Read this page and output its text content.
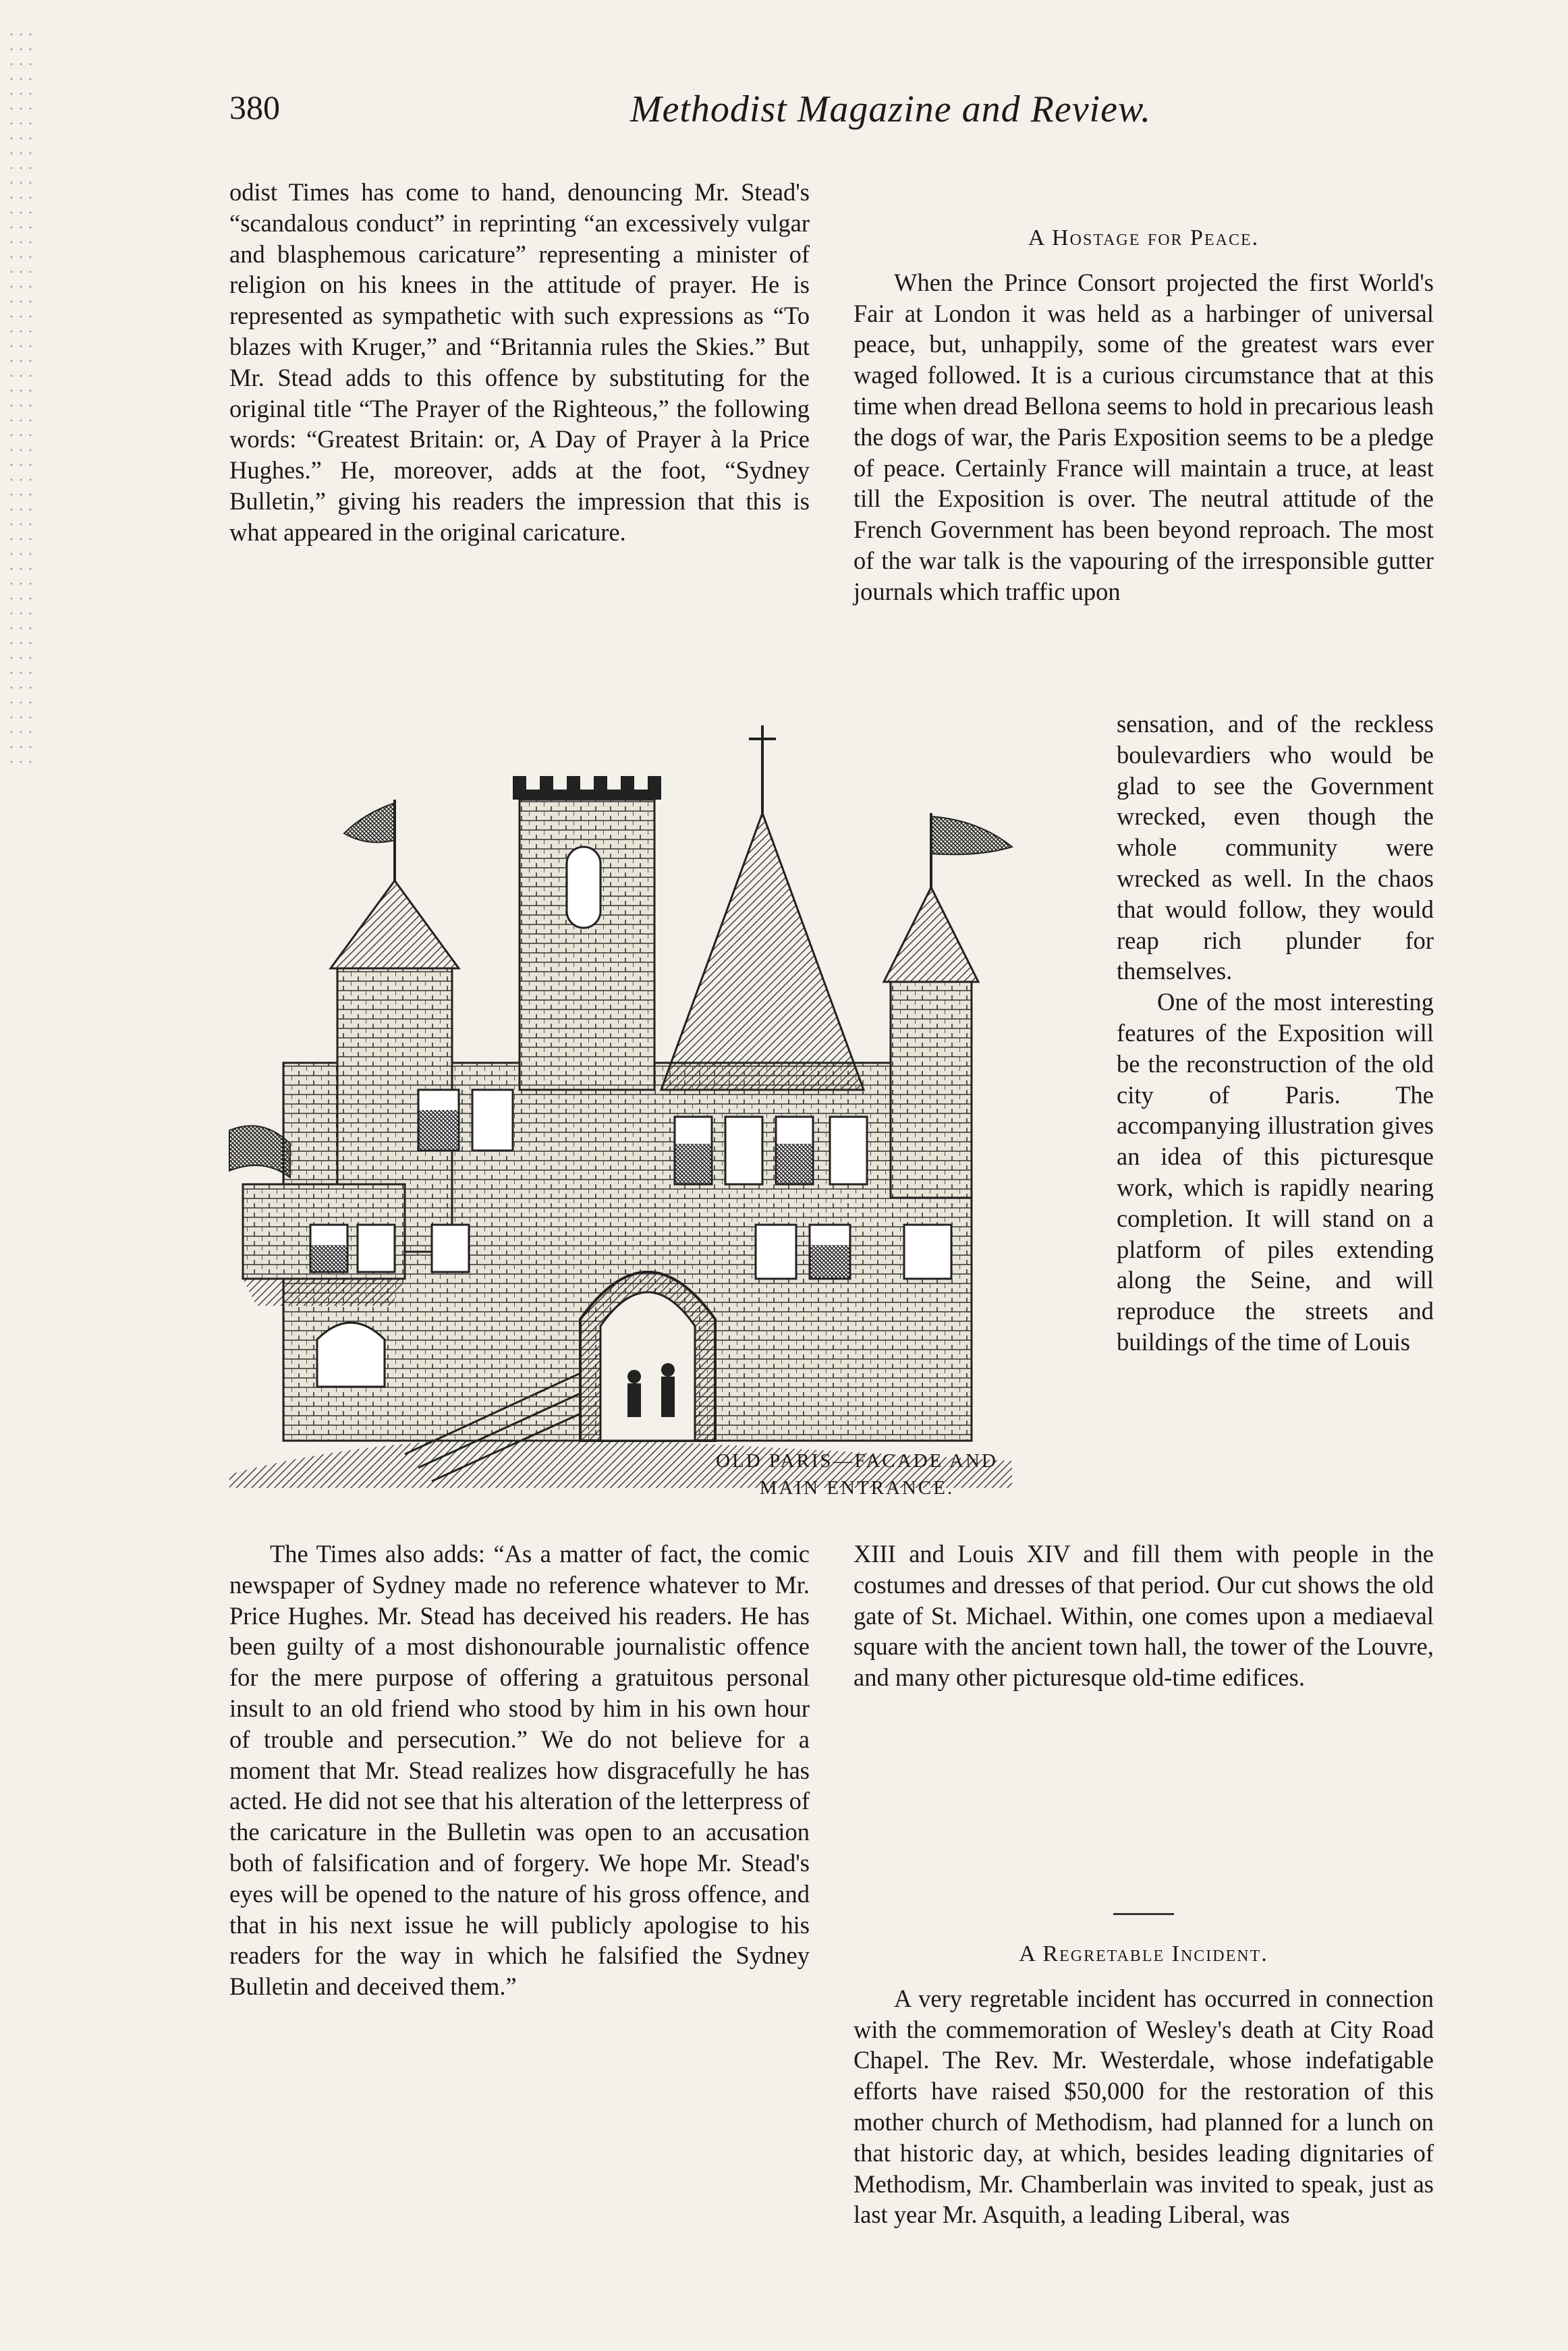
380	Methodist Magazine and Review.

odist Times has come to hand, denouncing Mr. Stead's “scandalous conduct” in reprinting “an excessively vulgar and blasphemous caricature” representing a minister of religion on his knees in the attitude of prayer. He is represented as sympathetic with such expressions as “To blazes with Kruger,” and “Britannia rules the Skies.” But Mr. Stead adds to this offence by substituting for the original title “The Prayer of the Righteous,” the following words: “Greatest Britain: or, A Day of Prayer à la Price Hughes.” He, moreover, adds at the foot, “Sydney Bulletin,” giving his readers the impression that this is what appeared in the original caricature.

A Hostage for Peace.

When the Prince Consort projected the first World's Fair at London it was held as a harbinger of universal peace, but, unhappily, some of the greatest wars ever waged followed. It is a curious circumstance that at this time when dread Bellona seems to hold in precarious leash the dogs of war, the Paris Exposition seems to be a pledge of peace. Certainly France will maintain a truce, at least till the Exposition is over. The neutral attitude of the French Government has been beyond reproach. The most of the war talk is the vapouring of the irresponsible gutter journals which traffic upon

OLD PARIS—FACADE AND
MAIN ENTRANCE.

sensation, and of the reckless boulevardiers who would be glad to see the Government wrecked, even though the whole community were wrecked as well. In the chaos that would follow, they would reap rich plunder for themselves.

One of the most interesting features of the Exposition will be the reconstruction of the old city of Paris. The accompanying illustration gives an idea of this picturesque work, which is rapidly nearing completion. It will stand on a platform of piles extending along the Seine, and will reproduce the streets and buildings of the time of Louis

The Times also adds: “As a matter of fact, the comic newspaper of Sydney made no reference whatever to Mr. Price Hughes. Mr. Stead has deceived his readers. He has been guilty of a most dishonourable journalistic offence for the mere purpose of offering a gratuitous personal insult to an old friend who stood by him in his own hour of trouble and persecution.” We do not believe for a moment that Mr. Stead realizes how disgracefully he has acted. He did not see that his alteration of the letterpress of the caricature in the Bulletin was open to an accusation both of falsification and of forgery. We hope Mr. Stead's eyes will be opened to the nature of his gross offence, and that in his next issue he will publicly apologise to his readers for the way in which he falsified the Sydney Bulletin and deceived them.”

XIII and Louis XIV and fill them with people in the costumes and dresses of that period. Our cut shows the old gate of St. Michael. Within, one comes upon a mediaeval square with the ancient town hall, the tower of the Louvre, and many other picturesque old-time edifices.

A Regretable Incident.

A very regretable incident has occurred in connection with the commemoration of Wesley's death at City Road Chapel. The Rev. Mr. Westerdale, whose indefatigable efforts have raised $50,000 for the restoration of this mother church of Methodism, had planned for a lunch on that historic day, at which, besides leading dignitaries of Methodism, Mr. Chamberlain was invited to speak, just as last year Mr. Asquith, a leading Liberal, was
